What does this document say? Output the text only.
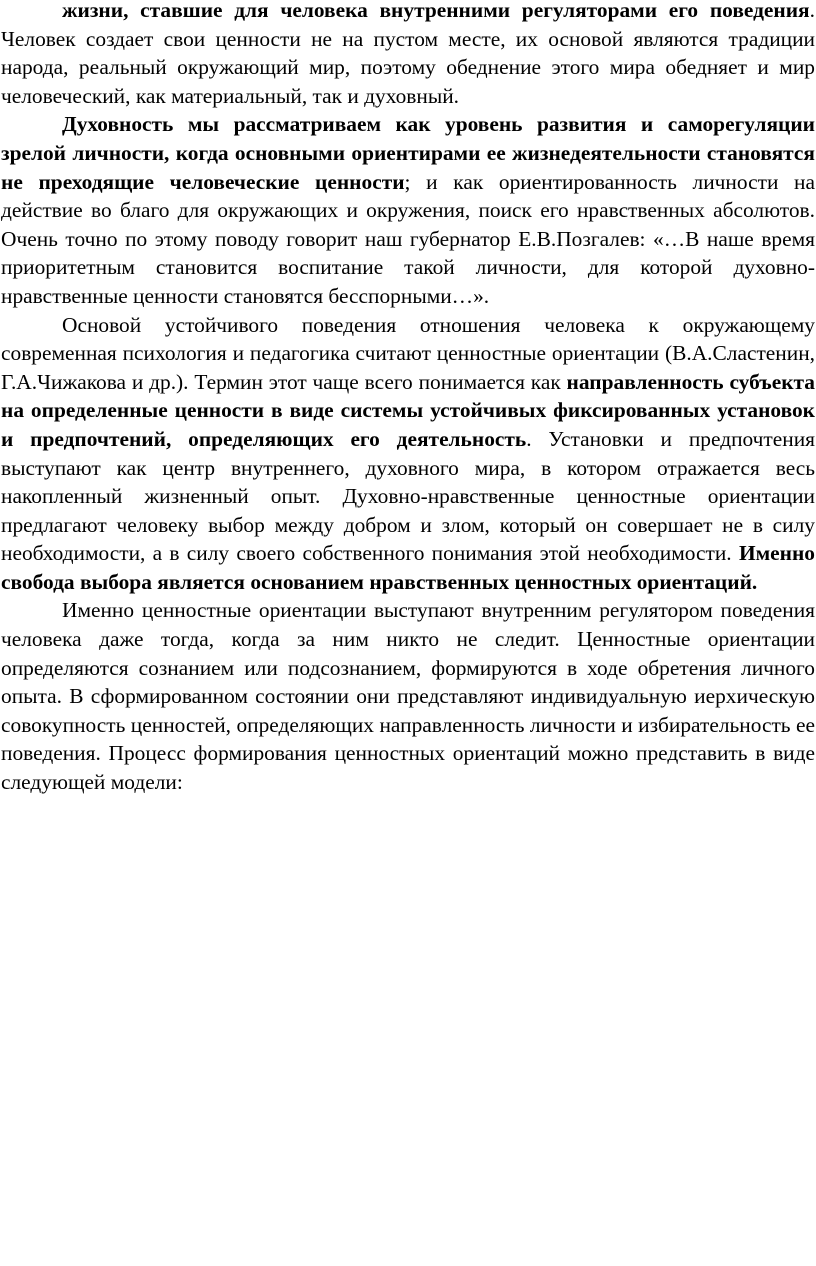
жизни, ставшие для человека внутренними регуляторами его поведения. Человек создает свои ценности не на пустом месте, их основой являются традиции народа, реальный окружающий мир, поэтому обеднение этого мира обедняет и мир человеческий, как материальный, так и духовный.

Духовность мы рассматриваем как уровень развития и саморегуляции зрелой личности, когда основными ориентирами ее жизнедеятельности становятся не преходящие человеческие ценности; и как ориентированность личности на действие во благо для окружающих и окружения, поиск его нравственных абсолютов. Очень точно по этому поводу говорит наш губернатор Е.В.Позгалев: «…В наше время приоритетным становится воспитание такой личности, для которой духовно-нравственные ценности становятся бесспорными…».

Основой устойчивого поведения отношения человека к окружающему современная психология и педагогика считают ценностные ориентации (В.А.Сластенин, Г.А.Чижакова и др.). Термин этот чаще всего понимается как направленность субъекта на определенные ценности в виде системы устойчивых фиксированных установок и предпочтений, определяющих его деятельность. Установки и предпочтения выступают как центр внутреннего, духовного мира, в котором отражается весь накопленный жизненный опыт. Духовно-нравственные ценностные ориентации предлагают человеку выбор между добром и злом, который он совершает не в силу необходимости, а в силу своего собственного понимания этой необходимости. Именно свобода выбора является основанием нравственных ценностных ориентаций.

Именно ценностные ориентации выступают внутренним регулятором поведения человека даже тогда, когда за ним никто не следит. Ценностные ориентации определяются сознанием или подсознанием, формируются в ходе обретения личного опыта. В сформированном состоянии они представляют индивидуальную иерхическую совокупность ценностей, определяющих направленность личности и избирательность ее поведения. Процесс формирования ценностных ориентаций можно представить в виде следующей модели:
